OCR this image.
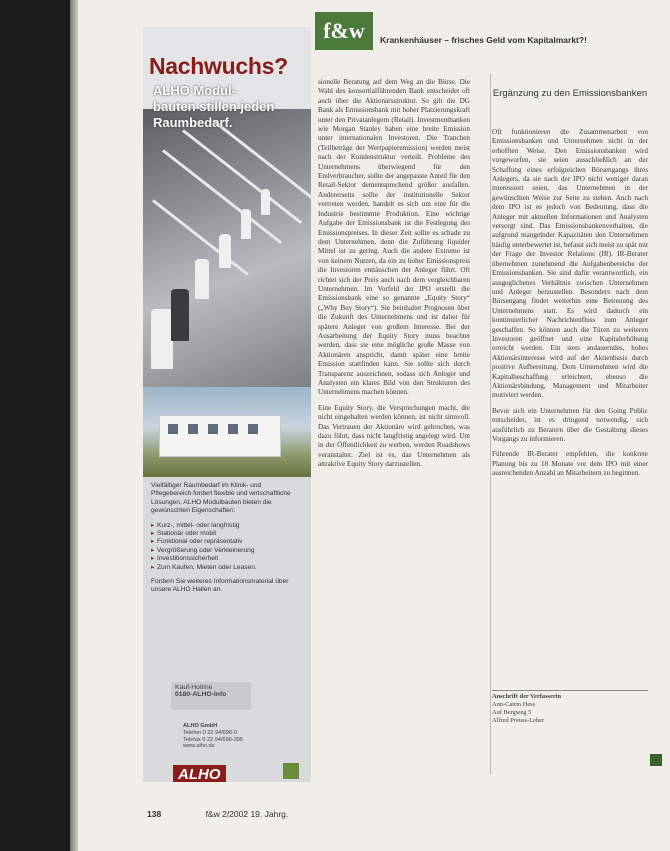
Nachwuchs?
ALHO Modul-
bauten stillen jeden
Raumbedarf.
Vielfältiger Raumbedarf im Klinik- und Pflegebereich fordert flexible und wirtschaftliche Lösungen. ALHO Modulbauten bieten die gewünschten Eigenschaften:
▸ Kurz-, mittel- oder langfristig
▸ Stationär oder mobil
▸ Funktional oder repräsentativ
▸ Vergrößerung oder Verkleinerung
▸ Investitionssicherheit
▸ Zum Kaufen, Mieten oder Leasen.
Fordern Sie weiteres Informationsmaterial über unsere ALHO Hallen an.
Kauf-Hotline
0180-ALHO-Info
ALHO GmbH
Telefon 0 22 94/696-0
Telefax 0 22 94/696-295
www.alho.de
ALHO
f&w	Krankenhäuser – frisches Geld vom Kapitalmarkt?!

sionelle Beratung auf dem Weg an die Börse. Die Wahl des konsortialführenden Bank entscheidet oft auch über die Aktionärsstruktur. So gilt die DG Bank als Emissionsbank mit hoher Platzierungskraft unter den Privatanlegern (Retail). Investmentbanken wie Morgan Stanley haben eine breite Emission unter internationalen Investoren. Die Tranchen (Teilbeträge der Wertpapieremission) werden meist nach der Kundenstruktur verteilt. Probleme des Unternehmens überwiegend für den Endverbraucher, sollte der angepasste Anteil für den Retail-Sektor dementsprechend größer ausfallen. Andererseits sollte der institutionelle Sektor vertreten werden, handelt es sich um eine für die Industrie bestimmte Produktion. Eine wichtige Aufgabe der Emissionsbank ist die Festlegung des Emissionspreises. In dieser Zeit sollte es schade zu dem Unternehmen, denn die Zuführung liquider Mittel ist zu gering. Auch die andere Extreme ist von keinem Nutzen, da ein zu hoher Emissionspreis die Investoren enttäuschen der Anleger führt. Oft richtet sich der Preis auch nach dem vergleichbaren Unternehmen. Im Vorfeld der IPO erstellt die Emissionsbank eine so genannte „Equity Story“ („Why Buy Story“). Sie beinhaltet Prognosen über die Zukunft des Unternehmens und ist daher für spätere Anleger von großem Interesse. Bei der Ausarbeitung der Equity Story muss beachtet werden, dass sie eine mögliche große Masse von Aktionären anspricht, damit später eine breite Emission stattfinden kann. Sie sollte sich durch Transparenz auszeichnen, sodass sich Anleger und Analysten ein klares Bild von den Strukturen des Unternehmens machen können.

Eine Equity Story, die Versprechungen macht, die nicht eingehalten werden können, ist nicht sinnvoll. Das Vertrauen der Aktionäre wird gebrochen, was dazu führt, dass nicht langfristig angelegt wird. Um in der Öffentlichkeit zu werben, werden Roadshows veranstaltet. Ziel ist es, das Unternehmen als attraktive Equity Story darzustellen.

Ergänzung zu den Emissionsbanken

Oft funktionieren die Zusammenarbeit von Emissionsbanken und Unternehmen nicht in der erhofften Weise. Den Emissionsbanken wird vorgeworfen, sie seien ausschließlich an der Schaffung eines erfolgreichen Börsengangs ihres Anlegers, da sie nach der IPO nicht weniger daran interessiert seien, das Unternehmen in der gewünschten Weise zur Seite zu stehen. Auch nach dem IPO ist es jedoch von Bedeutung, dass die Anleger mit aktuellen Informationen und Analysten versorgt sind. Das Emissionsbankenverhalten, die aufgrund mangelnder Kapazitäten den Unternehmen häufig unterbewertet ist, befasst sich meist zu spät mit der Frage der Investor Relations (IR). IR-Berater übernehmen zunehmend die Aufgabenbereiche der Emissionsbanken. Sie sind dafür verantwortlich, ein ausgeglichenes Verhältnis zwischen Unternehmen und Anleger herzustellen. Besonders nach dem Börsengang findet weiterhin eine Betreuung des Unternehmens statt. Es wird dadurch ein kontinuierlicher Nachrichtenfluss zum Anleger geschaffen. So können auch die Türen zu weiteren Investoren geöffnet und eine Kapitalerhöhung erreicht werden. Ein stets andauerndes, hohes Aktionärsinteresse wird auf der Aktienbasis durch positive Aufbereitung. Dem Unternehmen wird die Kapitalbeschaffung erleichtert, ebenso die Aktionärsbindung, Management und Mitarbeiter motiviert werden.

Bevor sich ein Unternehmen für den Going Public entscheidet, ist es dringend notwendig, sich ausführlich zu Beratern über die Gestaltung dieses Vorgangs zu informieren.

Führende IR-Berater empfehlen, die konkrete Planung bis zu 18 Monate vor dem IPO mit einer ausreichenden Anzahl an Mitarbeitern zu beginnen.

Anschrift der Verfasserin
Ann-Catrin Hess
Auf Bergweg 5
Alfred Preuss-Leher
138	f&w 2/2002 19. Jahrg.
